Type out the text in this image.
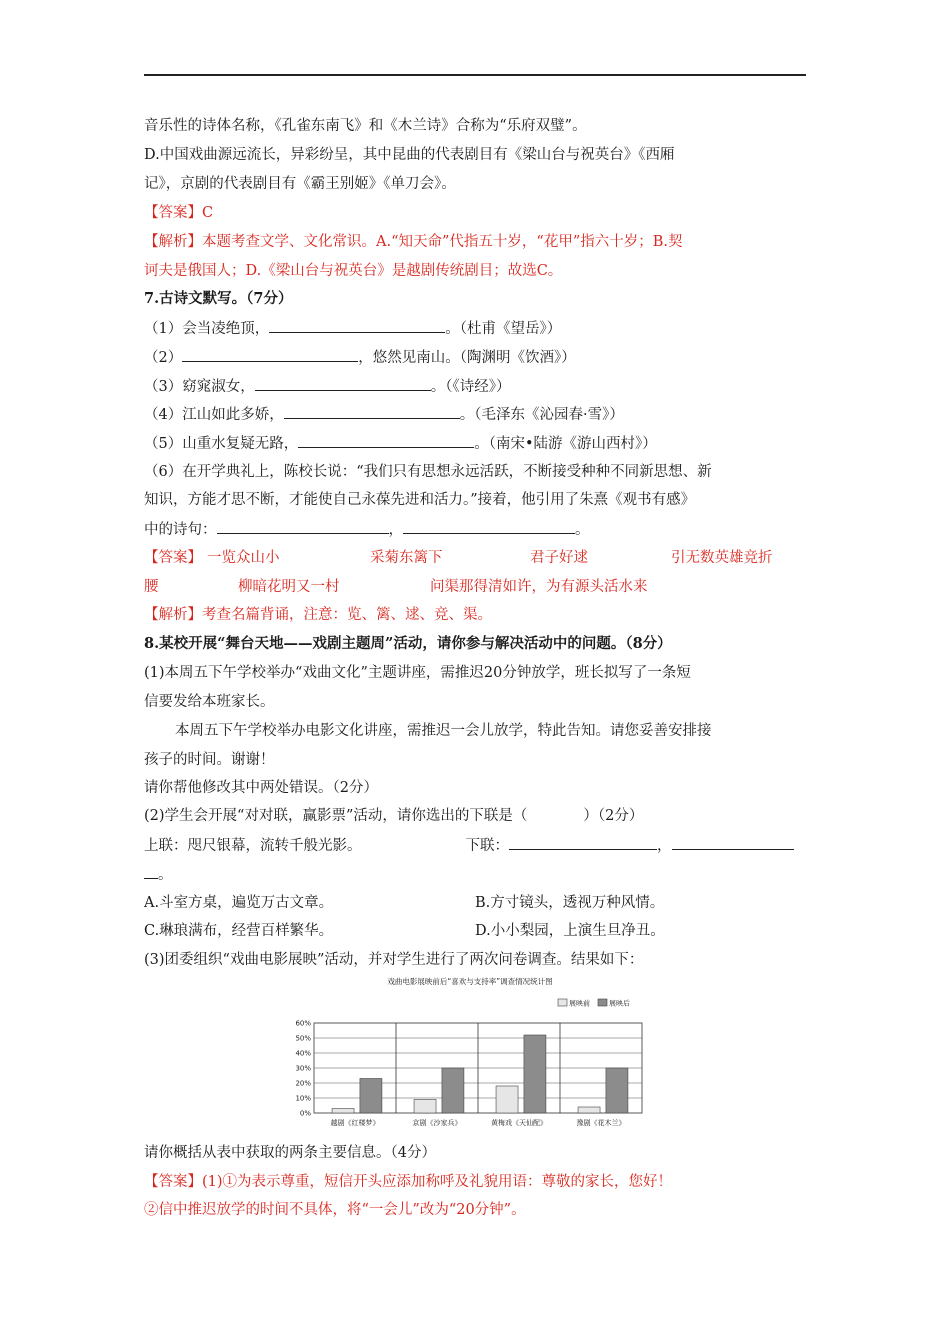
音乐性的诗体名称，《孔雀东南飞》和《木兰诗》合称为“乐府双璧”。
D.中国戏曲源远流长，异彩纷呈，其中昆曲的代表剧目有《梁山台与祝英台》《西厢
记》，京剧的代表剧目有《霸王别姬》《单刀会》。
【答案】C
【解析】本题考查文学、文化常识。A.“知天命”代指五十岁，“花甲”指六十岁；B.契
诃夫是俄国人；D.《梁山台与祝英台》是越剧传统剧目；故选C。
7.古诗文默写。（7分）
（1）会当凌绝顶，	。（杜甫《望岳》）
（2）	，悠然见南山。（陶渊明《饮酒》）
（3）窈窕淑女，	。（《诗经》）
（4）江山如此多娇，	。（毛泽东《沁园春·雪》）
（5）山重水复疑无路，	。（南宋•陆游《游山西村》）
（6）在开学典礼上，陈校长说：“我们只有思想永远活跃，不断接受种种不同新思想、新
知识，方能才思不断，才能使自己永葆先进和活力。”接着，他引用了朱熹《观书有感》
中的诗句：	，	。
【答案】 一览众山小	采菊东篱下	君子好逑	引无数英雄竞折
腰	柳暗花明又一村	问渠那得清如许，为有源头活水来
【解析】考查名篇背诵，注意：览、篱、逑、竞、渠。
8.某校开展“舞台天地——戏剧主题周”活动，请你参与解决活动中的问题。（8分）
(1)本周五下午学校举办“戏曲文化”主题讲座，需推迟20分钟放学，班长拟写了一条短
信要发给本班家长。
本周五下午学校举办电影文化讲座，需推迟一会儿放学，特此告知。请您妥善安排接
孩子的时间。谢谢！
请你帮他修改其中两处错误。（2分）
(2)学生会开展“对对联，赢影票”活动，请你选出的下联是（	）（2分）
上联：咫尺银幕，流转千般光影。	下联：	，
。
A.斗室方桌，遍览万古文章。	B.方寸镜头，透视万种风情。
C.琳琅满布，经营百样繁华。	D.小小梨园，上演生旦净丑。
(3)团委组织“戏曲电影展映”活动，并对学生进行了两次问卷调查。结果如下：
戏曲电影展映前后“喜欢与支持率”调查情况统计图
展映前	展映后
0%
10%
20%
30%
40%
50%
60%
越剧《红楼梦》	京剧《沙家兵》	黄梅戏《天仙配》	豫剧《花木兰》
请你概括从表中获取的两条主要信息。（4分）
【答案】(1)①为表示尊重，短信开头应添加称呼及礼貌用语：尊敬的家长，您好！
②信中推迟放学的时间不具体，将“一会儿”改为“20分钟”。
